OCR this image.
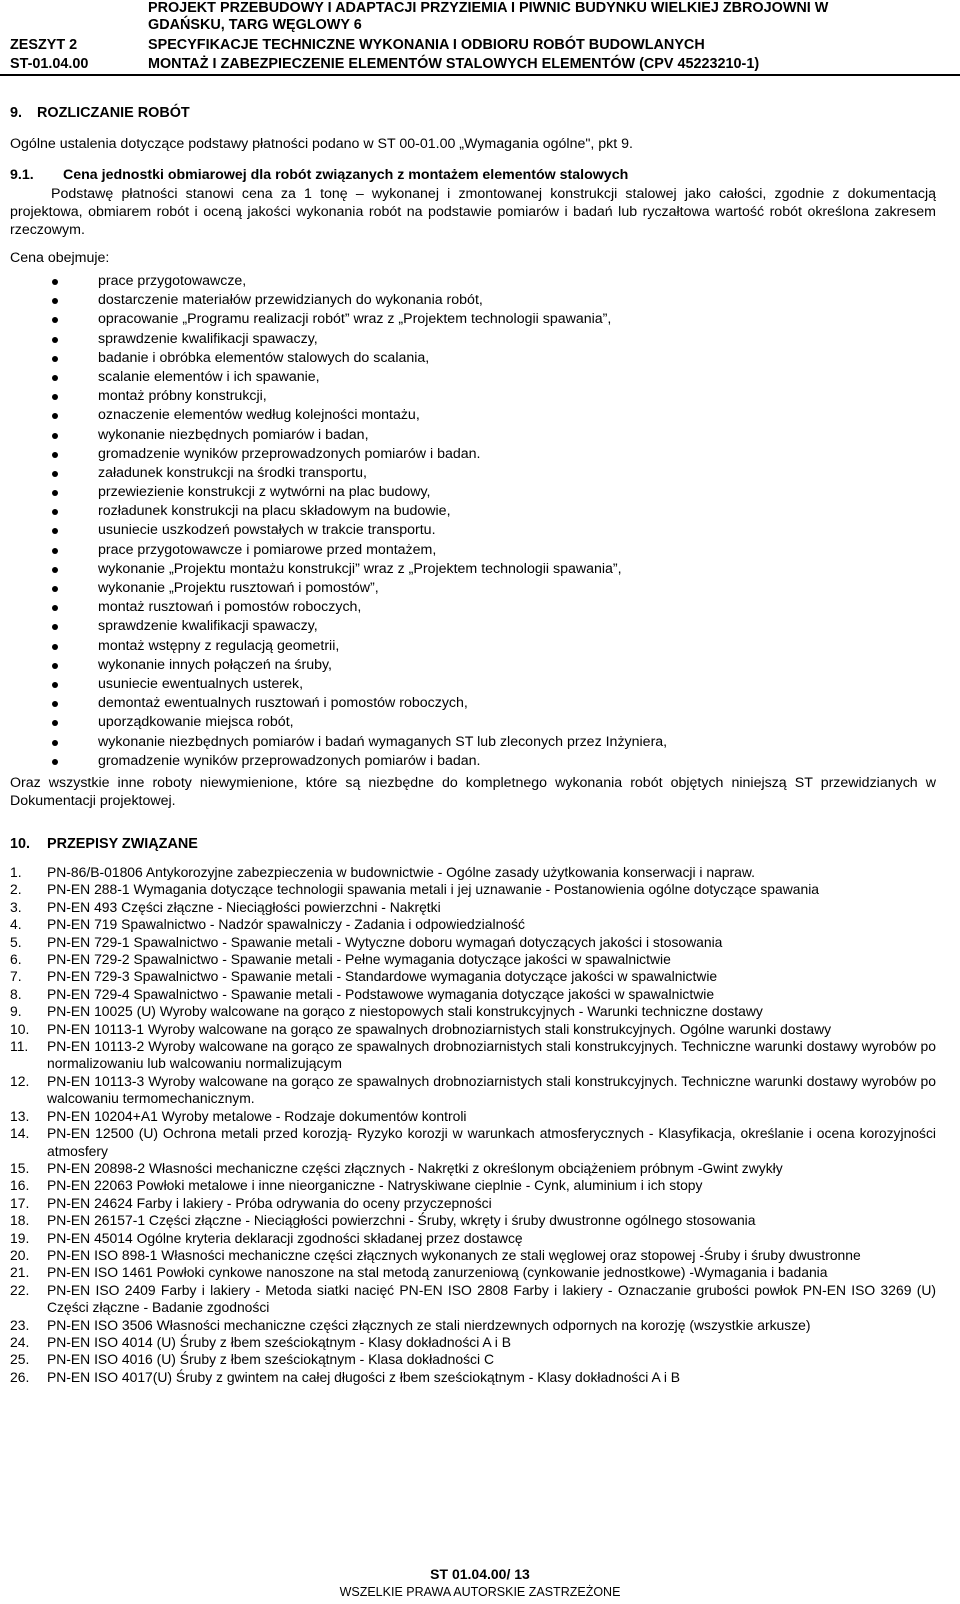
PROJEKT PRZEBUDOWY I ADAPTACJI PRZYZIEMIA I PIWNIC BUDYNKU WIELKIEJ ZBROJOWNI W
GDAŃSKU, TARG WĘGLOWY 6
ZESZYT 2	SPECYFIKACJE TECHNICZNE WYKONANIA I ODBIORU ROBÓT BUDOWLANYCH
ST-01.04.00	MONTAŻ I ZABEZPIECZENIE ELEMENTÓW STALOWYCH ELEMENTÓW (CPV 45223210-1)
9. ROZLICZANIE ROBÓT
Ogólne ustalenia dotyczące podstawy płatności podano w ST 00-01.00 „Wymagania ogólne", pkt 9.
9.1. Cena jednostki obmiarowej dla robót związanych z montażem elementów stalowych
Podstawę płatności stanowi cena za 1 tonę – wykonanej i zmontowanej konstrukcji stalowej jako całości, zgodnie z dokumentacją projektowa, obmiarem robót i oceną jakości wykonania robót na podstawie pomiarów i badań lub ryczałtowa wartość robót określona zakresem rzeczowym.
Cena obejmuje:
prace przygotowawcze,
dostarczenie materiałów przewidzianych do wykonania robót,
opracowanie „Programu realizacji robót” wraz z „Projektem technologii spawania”,
sprawdzenie kwalifikacji spawaczy,
badanie i obróbka elementów stalowych do scalania,
scalanie elementów i ich spawanie,
montaż próbny konstrukcji,
oznaczenie elementów według kolejności montażu,
wykonanie niezbędnych pomiarów i badan,
gromadzenie wyników przeprowadzonych pomiarów i badan.
załadunek konstrukcji na środki transportu,
przewiezienie konstrukcji z wytwórni na plac budowy,
rozładunek konstrukcji na placu składowym na budowie,
usuniecie uszkodzeń powstałych w trakcie transportu.
prace przygotowawcze i pomiarowe przed montażem,
wykonanie „Projektu montażu konstrukcji” wraz z „Projektem technologii spawania”,
wykonanie „Projektu rusztowań i pomostów”,
montaż rusztowań i pomostów roboczych,
sprawdzenie kwalifikacji spawaczy,
montaż wstępny z regulacją geometrii,
wykonanie innych połączeń na śruby,
usuniecie ewentualnych usterek,
demontaż ewentualnych rusztowań i pomostów roboczych,
uporządkowanie miejsca robót,
wykonanie niezbędnych pomiarów i badań wymaganych ST lub zleconych przez Inżyniera,
gromadzenie wyników przeprowadzonych pomiarów i badan.
Oraz wszystkie inne roboty niewymienione, które są niezbędne do kompletnego wykonania robót objętych niniejszą ST przewidzianych w Dokumentacji projektowej.
10. PRZEPISY ZWIĄZANE
1. PN-86/B-01806 Antykorozyjne zabezpieczenia w budownictwie - Ogólne zasady użytkowania konserwacji i napraw.
2. PN-EN 288-1 Wymagania dotyczące technologii spawania metali i jej uznawanie - Postanowienia ogólne dotyczące spawania
3. PN-EN 493 Części złączne - Nieciągłości powierzchni - Nakrętki
4. PN-EN 719 Spawalnictwo - Nadzór spawalniczy - Zadania i odpowiedzialność
5. PN-EN 729-1 Spawalnictwo - Spawanie metali - Wytyczne doboru wymagań dotyczących jakości i stosowania
6. PN-EN 729-2 Spawalnictwo - Spawanie metali - Pełne wymagania dotyczące jakości w spawalnictwie
7. PN-EN 729-3 Spawalnictwo - Spawanie metali - Standardowe wymagania dotyczące jakości w spawalnictwie
8. PN-EN 729-4 Spawalnictwo - Spawanie metali - Podstawowe wymagania dotyczące jakości w spawalnictwie
9. PN-EN 10025 (U) Wyroby walcowane na gorąco z niestopowych stali konstrukcyjnych - Warunki techniczne dostawy
10. PN-EN 10113-1 Wyroby walcowane na gorąco ze spawalnych drobnoziarnistych stali konstrukcyjnych. Ogólne warunki dostawy
11. PN-EN 10113-2 Wyroby walcowane na gorąco ze spawalnych drobnoziarnistych stali konstrukcyjnych. Techniczne warunki dostawy wyrobów po normalizowaniu lub walcowaniu normalizującym
12. PN-EN 10113-3 Wyroby walcowane na gorąco ze spawalnych drobnoziarnistych stali konstrukcyjnych. Techniczne warunki dostawy wyrobów po walcowaniu termomechanicznym.
13. PN-EN 10204+A1 Wyroby metalowe - Rodzaje dokumentów kontroli
14. PN-EN 12500 (U) Ochrona metali przed korozją- Ryzyko korozji w warunkach atmosferycznych - Klasyfikacja, określanie i ocena korozyjności atmosfery
15. PN-EN 20898-2 Własności mechaniczne części złącznych - Nakrętki z określonym obciążeniem próbnym -Gwint zwykły
16. PN-EN 22063 Powłoki metalowe i inne nieorganiczne - Natryskiwane cieplnie - Cynk, aluminium i ich stopy
17. PN-EN 24624 Farby i lakiery - Próba odrywania do oceny przyczepności
18. PN-EN 26157-1 Części złączne - Nieciągłości powierzchni - Śruby, wkręty i śruby dwustronne ogólnego stosowania
19. PN-EN 45014 Ogólne kryteria deklaracji zgodności składanej przez dostawcę
20. PN-EN ISO 898-1 Własności mechaniczne części złącznych wykonanych ze stali węglowej oraz stopowej -Śruby i śruby dwustronne
21. PN-EN ISO 1461 Powłoki cynkowe nanoszone na stal metodą zanurzeniową (cynkowanie jednostkowe) -Wymagania i badania
22. PN-EN ISO 2409 Farby i lakiery - Metoda siatki nacięć PN-EN ISO 2808 Farby i lakiery - Oznaczanie grubości powłok PN-EN ISO 3269 (U) Części złączne - Badanie zgodności
23. PN-EN ISO 3506 Własności mechaniczne części złącznych ze stali nierdzewnych odpornych na korozję (wszystkie arkusze)
24. PN-EN ISO 4014 (U) Śruby z łbem sześciokątnym - Klasy dokładności A i B
25. PN-EN ISO 4016 (U) Śruby z łbem sześciokątnym - Klasa dokładności C
26. PN-EN ISO 4017(U) Śruby z gwintem na całej długości z łbem sześciokątnym - Klasy dokładności A i B
ST 01.04.00/ 13
WSZELKIE PRAWA AUTORSKIE ZASTRZEŻONE
